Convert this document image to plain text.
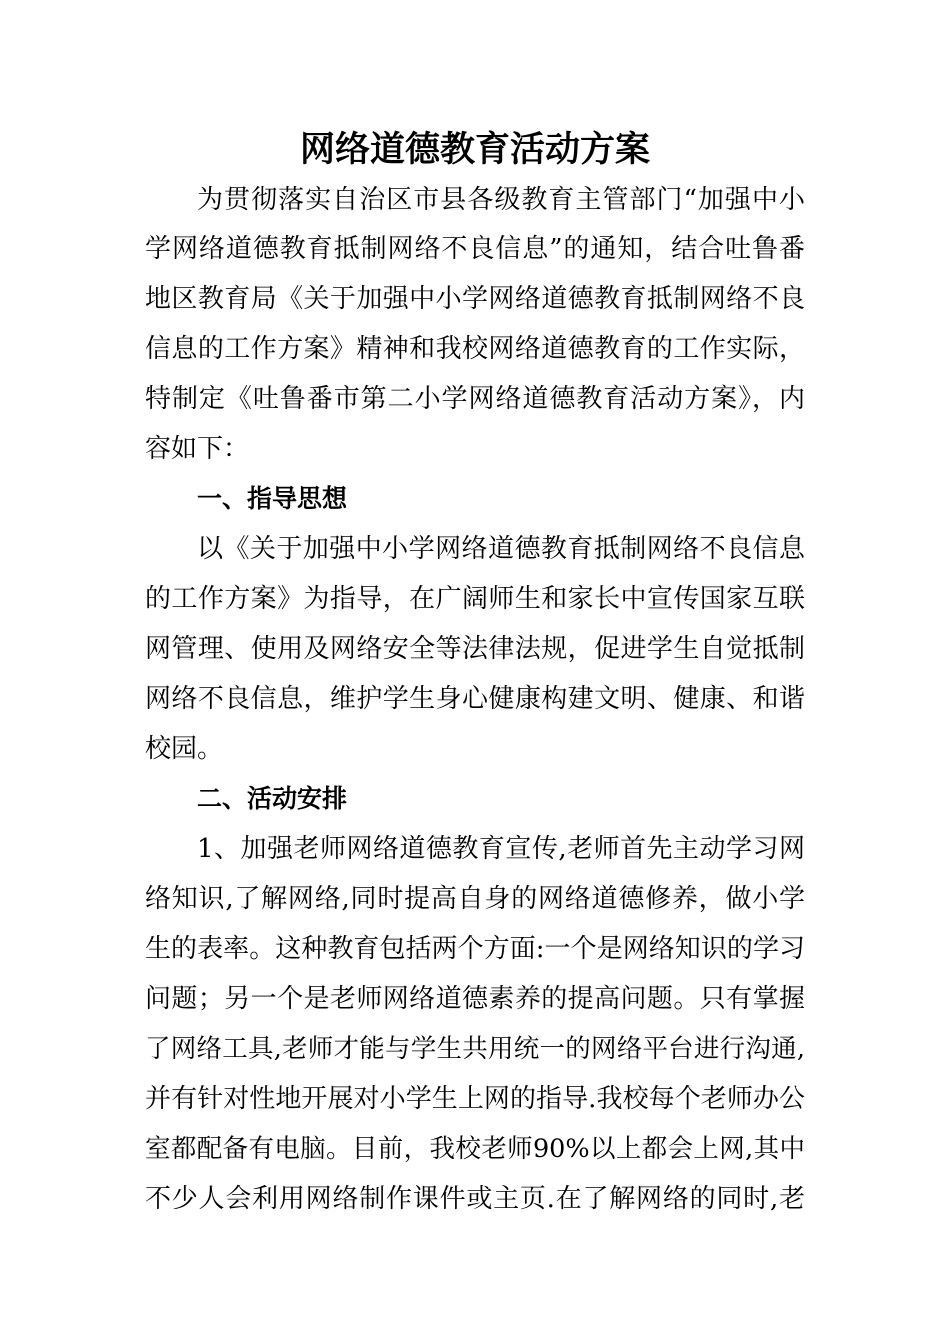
网络道德教育活动方案
为贯彻落实自治区市县各级教育主管部门“加强中小
学网络道德教育抵制网络不良信息”的通知，结合吐鲁番
地区教育局《关于加强中小学网络道德教育抵制网络不良
信息的工作方案》精神和我校网络道德教育的工作实际，
特制定《吐鲁番市第二小学网络道德教育活动方案》，内
容如下：
一、指导思想
以《关于加强中小学网络道德教育抵制网络不良信息
的工作方案》为指导，在广阔师生和家长中宣传国家互联
网管理、使用及网络安全等法律法规，促进学生自觉抵制
网络不良信息，维护学生身心健康构建文明、健康、和谐
校园。
二、活动安排
1、加强老师网络道德教育宣传,老师首先主动学习网
络知识,了解网络,同时提高自身的网络道德修养，做小学
生的表率。这种教育包括两个方面:一个是网络知识的学习
问题；另一个是老师网络道德素养的提高问题。只有掌握
了网络工具,老师才能与学生共用统一的网络平台进行沟通,
并有针对性地开展对小学生上网的指导.我校每个老师办公
室都配备有电脑。目前，我校老师90%以上都会上网,其中
不少人会利用网络制作课件或主页.在了解网络的同时,老
